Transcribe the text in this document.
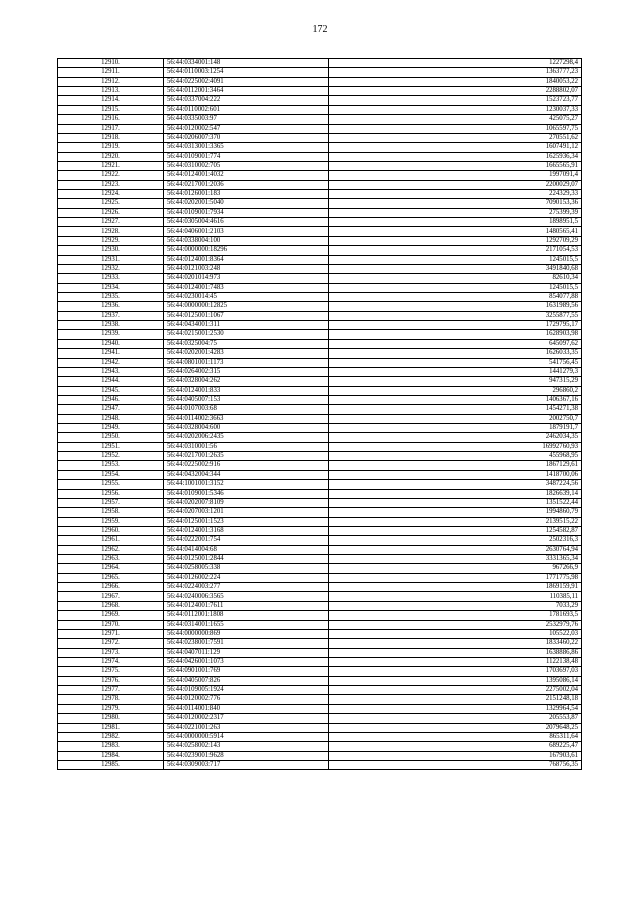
172
12910.	56:44:0334001:148	1227298,4
12911.	56:44:0110003:1254	1363777,23
12912.	56:44:0225002:4091	1840053,22
12913.	56:44:0112001:3464	2288802,07
12914.	56:44:0337004:222	1523723,77
12915.	56:44:0110002:601	1230037,33
12916.	56:44:0335003:97	425075,27
12917.	56:44:0120002:547	1065597,75
12918.	56:44:0206007:370	270551,62
12919.	56:44:0313001:3365	1607491,12
12920.	56:44:0109001:774	1625936,34
12921.	56:44:0310002:705	1665565,91
12922.	56:44:0124001:4032	1997091,4
12923.	56:44:0217001:2036	2200029,07
12924.	56:44:0126001:183	224329,33
12925.	56:44:0202001:5040	7090153,36
12926.	56:44:0109001:7934	275399,39
12927.	56:44:0305004:4616	1898951,5
12928.	56:44:0406001:2103	1480565,41
12929.	56:44:0338004:100	1292709,29
12930.	56:44:0000000:18296	2171054,53
12931.	56:44:0124001:8364	1245015,5
12932.	56:44:0121003:248	3491840,68
12933.	56:44:0201014:973	82610,34
12934.	56:44:0124001:7483	1245015,5
12935.	56:44:0230014:45	854077,88
12936.	56:44:0000000:12825	1631989,56
12937.	56:44:0125001:1067	3255877,55
12938.	56:44:0434001:311	1729795,17
12939.	56:44:0215001:2530	1628903,98
12940.	56:44:0325004:75	645097,62
12941.	56:44:0202001:4283	1626033,35
12942.	56:44:0801001:1173	541756,45
12943.	56:44:0264002:315	1441279,3
12944.	56:44:0328004:262	947315,29
12945.	56:44:0124001:833	296860,2
12946.	56:44:0405007:153	1406367,16
12947.	56:44:0107003:68	1454271,38
12948.	56:44:0114002:3663	2002750,7
12949.	56:44:0328004:600	1879191,7
12950.	56:44:0202006:2435	2462034,35
12951.	56:44:0310001:56	16992760,93
12952.	56:44:0217001:2635	455968,95
12953.	56:44:0225002:916	1867129,61
12954.	56:44:0432004:344	1418700,06
12955.	56:44:1001001:3152	3487224,56
12956.	56:44:0109001:5346	1826639,14
12957.	56:44:0202007:8109	1351522,44
12958.	56:44:0207003:1201	1994860,79
12959.	56:44:0125001:1523	2139515,22
12960.	56:44:0124001:3168	1254582,87
12961.	56:44:0222001:754	2502316,3
12962.	56:44:0414004:68	2630764,94
12963.	56:44:0125001:2844	3331365,34
12964.	56:44:0258005:338	967266,9
12965.	56:44:0126002:224	1771775,98
12966.	56:44:0224003:277	1869159,91
12967.	56:44:0240006:3565	110385,11
12968.	56:44:0124001:7611	7033,29
12969.	56:44:0112001:1808	1781693,5
12970.	56:44:0314001:1655	2532979,76
12971.	56:44:0000000:869	105522,03
12972.	56:44:0238001:7591	1833460,22
12973.	56:44:0407011:129	1638886,86
12974.	56:44:0426001:1073	1122138,48
12975.	56:44:0901001:769	1703697,03
12976.	56:44:0405007:826	1395086,14
12977.	56:44:0109005:1924	2275002,04
12978.	56:44:0120002:776	2151248,18
12979.	56:44:0114001:840	1329964,54
12980.	56:44:0120002:2317	205553,87
12981.	56:44:0221001:263	2079648,25
12982.	56:44:0000000:5914	865311,64
12983.	56:44:0258002:143	689225,47
12984.	56:44:0239001:9628	167903,61
12985.	56:44:0309003:717	768756,35
